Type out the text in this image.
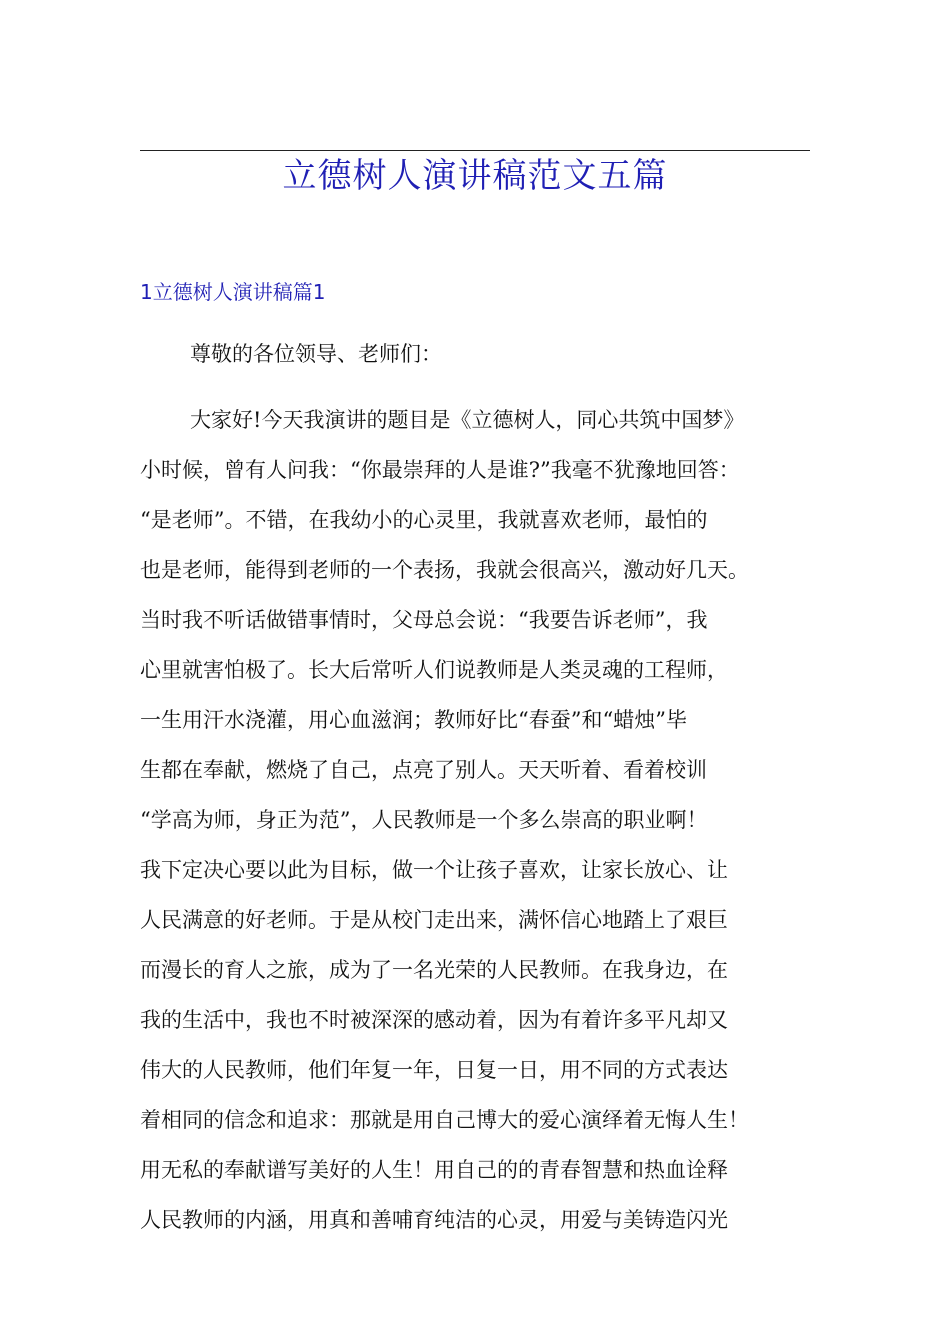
立德树人演讲稿范文五篇
1立德树人演讲稿篇1
尊敬的各位领导、老师们：
大家好!今天我演讲的题目是《立德树人，同心共筑中国梦》
小时候，曾有人问我：“你最崇拜的人是谁?”我毫不犹豫地回答：
“是老师”。不错，在我幼小的心灵里，我就喜欢老师，最怕的
也是老师，能得到老师的一个表扬，我就会很高兴，激动好几天。
当时我不听话做错事情时，父母总会说：“我要告诉老师”，我
心里就害怕极了。长大后常听人们说教师是人类灵魂的工程师，
一生用汗水浇灌，用心血滋润；教师好比“春蚕”和“蜡烛”毕
生都在奉献，燃烧了自己，点亮了别人。天天听着、看着校训
“学高为师，身正为范”，人民教师是一个多么崇高的职业啊！
我下定决心要以此为目标，做一个让孩子喜欢，让家长放心、让
人民满意的好老师。于是从校门走出来，满怀信心地踏上了艰巨
而漫长的育人之旅，成为了一名光荣的人民教师。在我身边，在
我的生活中，我也不时被深深的感动着，因为有着许多平凡却又
伟大的人民教师，他们年复一年，日复一日，用不同的方式表达
着相同的信念和追求：那就是用自己博大的爱心演绎着无悔人生！
用无私的奉献谱写美好的人生！用自己的的青春智慧和热血诠释
人民教师的内涵，用真和善哺育纯洁的心灵，用爱与美铸造闪光
